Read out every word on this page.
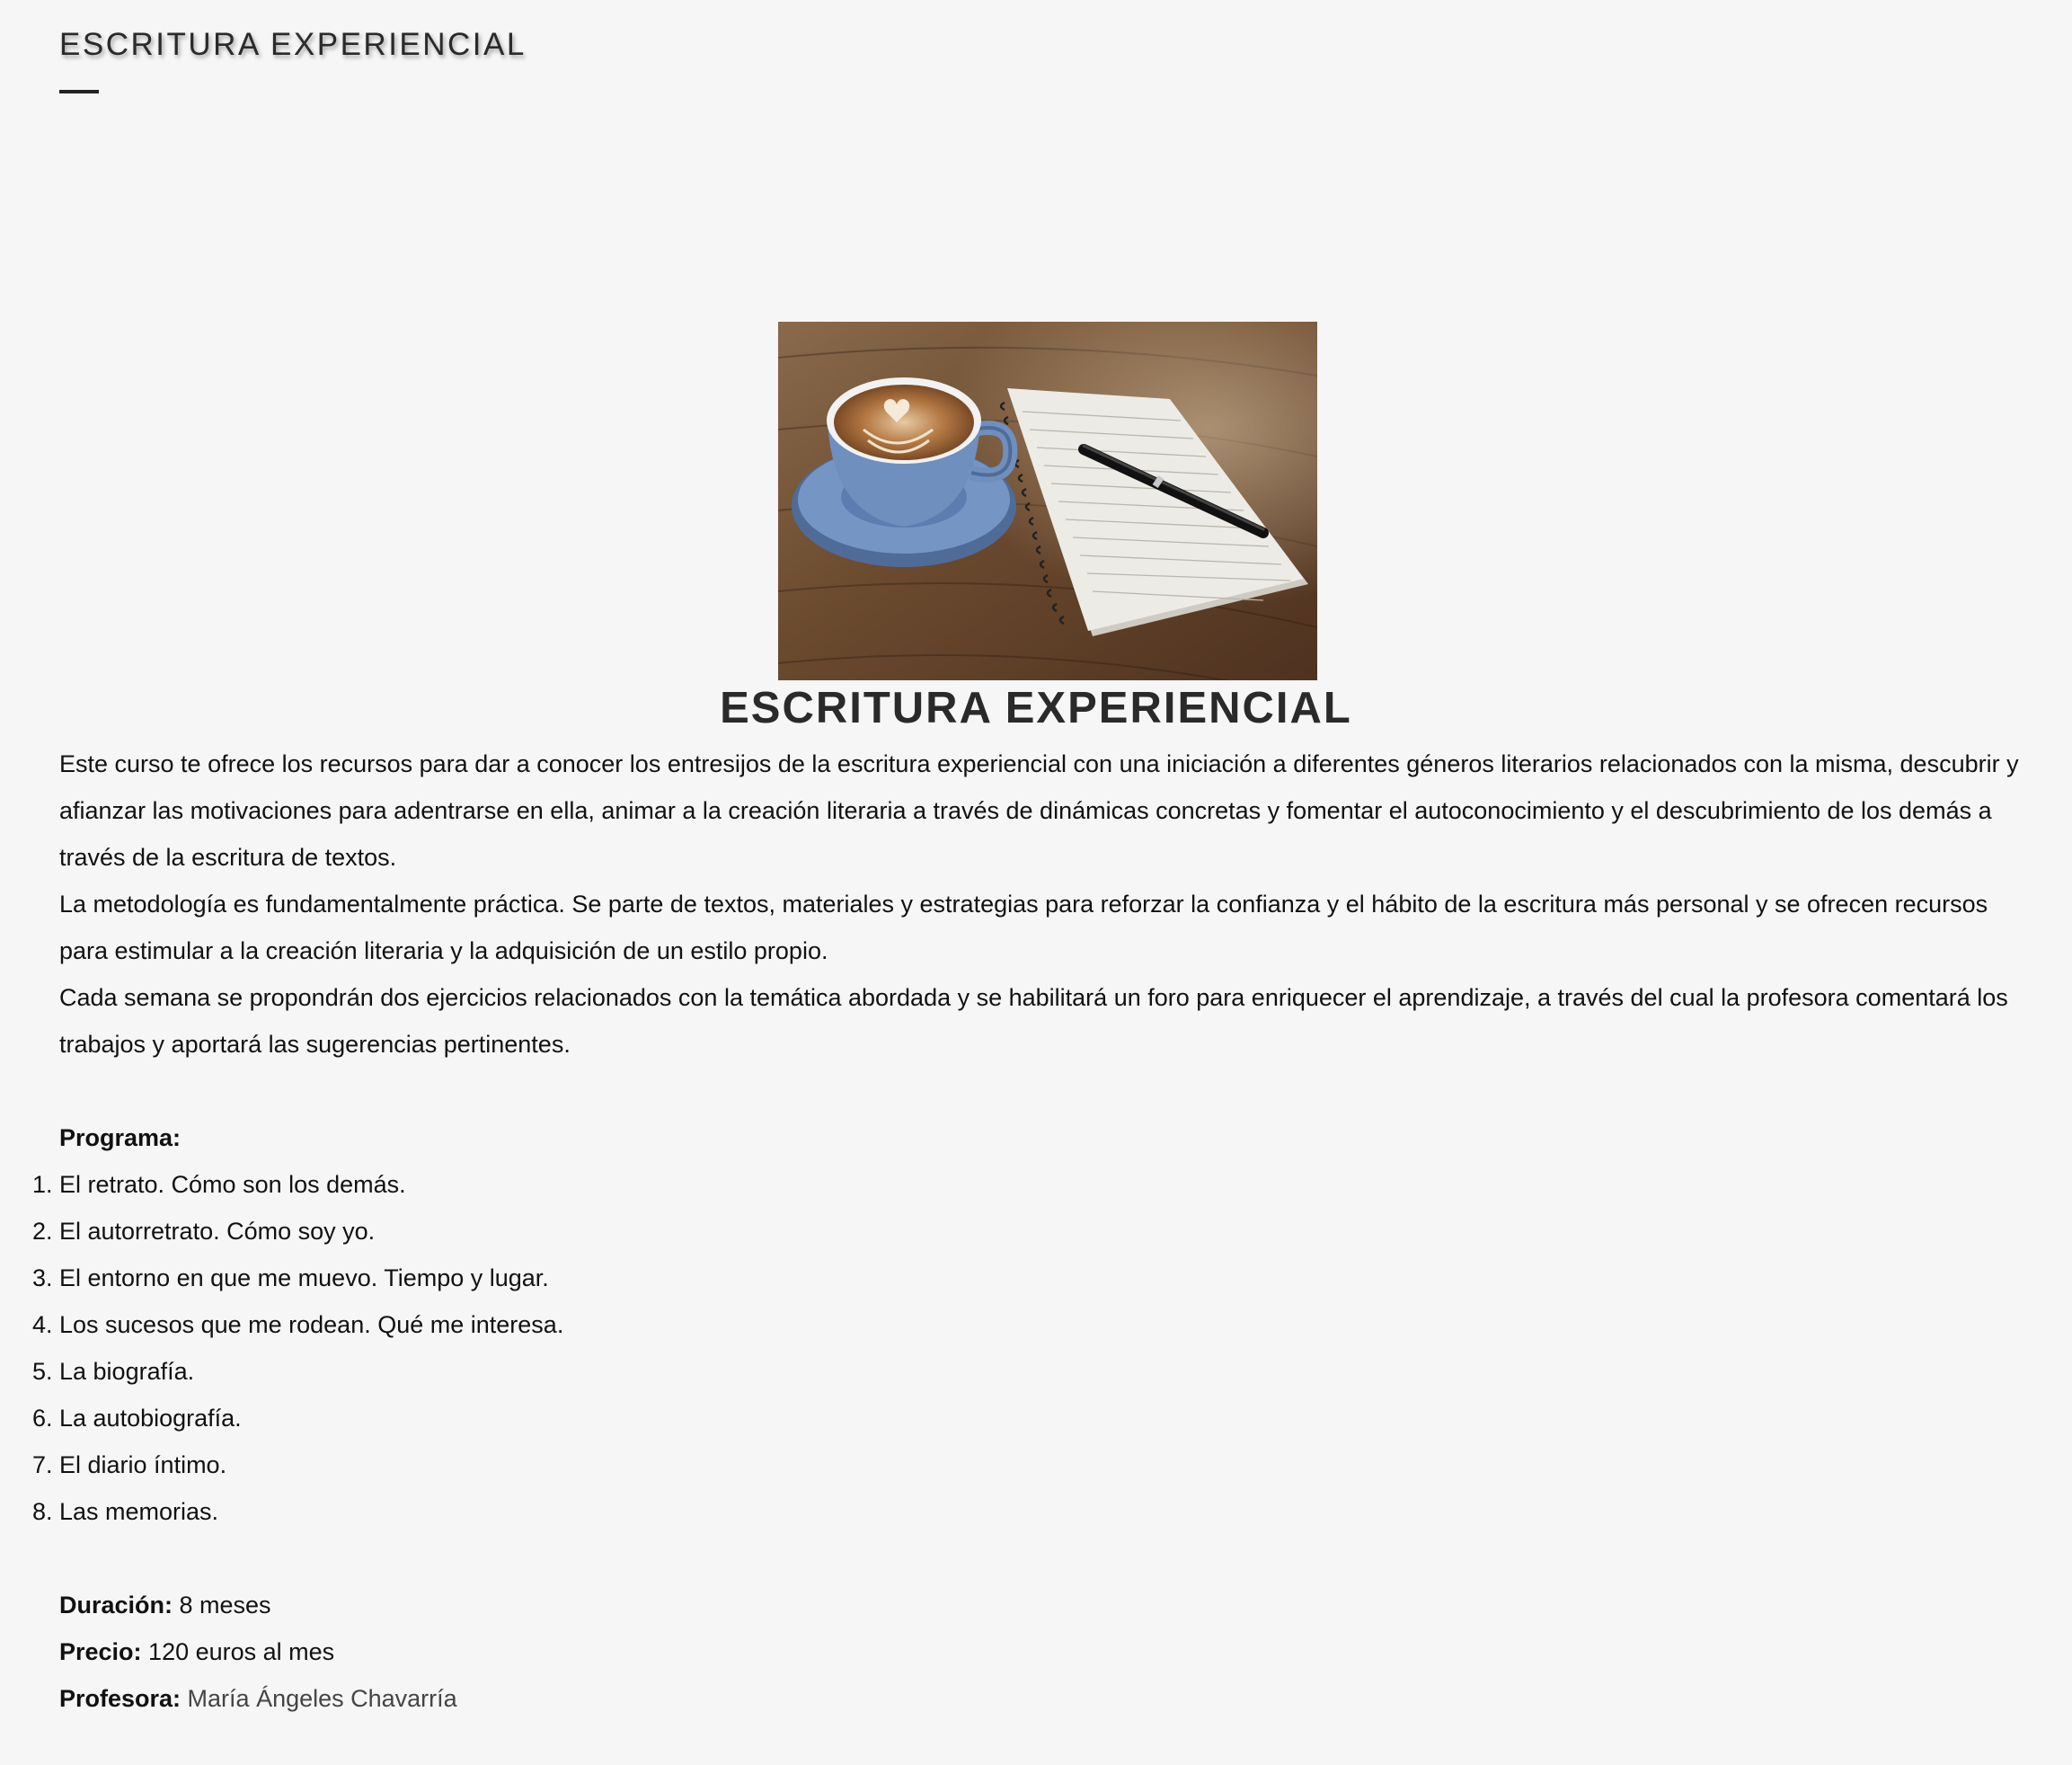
ESCRITURA EXPERIENCIAL
ESCRITURA EXPERIENCIAL

Este curso te ofrece los recursos para dar a conocer los entresijos de la escritura experiencial con una iniciación a diferentes géneros literarios relacionados con la misma, descubrir y afianzar las motivaciones para adentrarse en ella, animar a la creación literaria a través de dinámicas concretas y fomentar el autoconocimiento y el descubrimiento de los demás a través de la escritura de textos.

La metodología es fundamentalmente práctica. Se parte de textos, materiales y estrategias para reforzar la confianza y el hábito de la escritura más personal y se ofrecen recursos para estimular a la creación literaria y la adquisición de un estilo propio.

Cada semana se propondrán dos ejercicios relacionados con la temática abordada y se habilitará un foro para enriquecer el aprendizaje, a través del cual la profesora comentará los trabajos y aportará las sugerencias pertinentes.

Programa:

1. El retrato. Cómo son los demás.
2. El autorretrato. Cómo soy yo.
3. El entorno en que me muevo. Tiempo y lugar.
4. Los sucesos que me rodean. Qué me interesa.
5. La biografía.
6. La autobiografía.
7. El diario íntimo.
8. Las memorias.

Duración: 8 meses

Precio: 120 euros al mes

Profesora: María Ángeles Chavarría
